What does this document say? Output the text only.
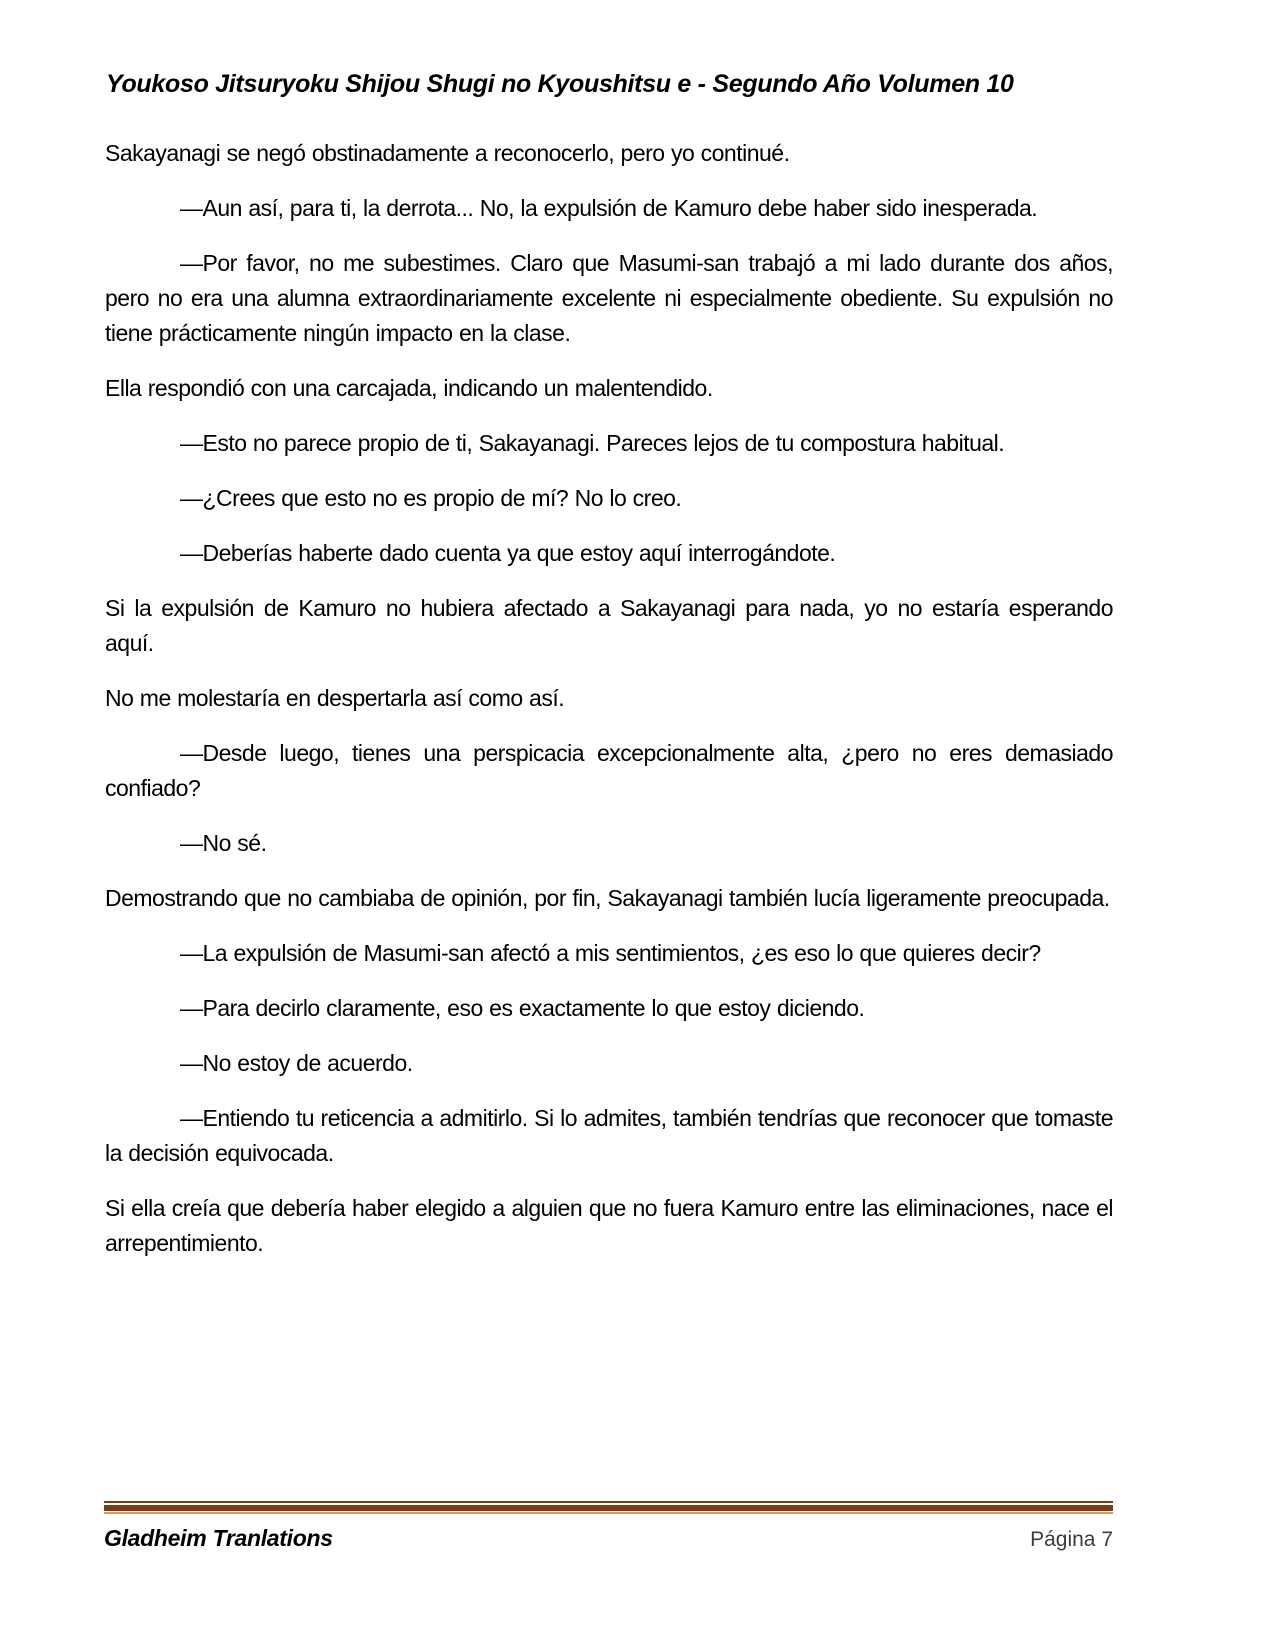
Youkoso Jitsuryoku Shijou Shugi no Kyoushitsu e - Segundo Año Volumen 10

Sakayanagi se negó obstinadamente a reconocerlo, pero yo continué.

—Aun así, para ti, la derrota... No, la expulsión de Kamuro debe haber sido inesperada.

—Por favor, no me subestimes. Claro que Masumi-san trabajó a mi lado durante dos años, pero no era una alumna extraordinariamente excelente ni especialmente obediente. Su expulsión no tiene prácticamente ningún impacto en la clase.

Ella respondió con una carcajada, indicando un malentendido.

—Esto no parece propio de ti, Sakayanagi. Pareces lejos de tu compostura habitual.

—¿Crees que esto no es propio de mí? No lo creo.

—Deberías haberte dado cuenta ya que estoy aquí interrogándote.

Si la expulsión de Kamuro no hubiera afectado a Sakayanagi para nada, yo no estaría esperando aquí.

No me molestaría en despertarla así como así.

—Desde luego, tienes una perspicacia excepcionalmente alta, ¿pero no eres demasiado confiado?

—No sé.

Demostrando que no cambiaba de opinión, por fin, Sakayanagi también lucía ligeramente preocupada.

—La expulsión de Masumi-san afectó a mis sentimientos, ¿es eso lo que quieres decir?

—Para decirlo claramente, eso es exactamente lo que estoy diciendo.

—No estoy de acuerdo.

—Entiendo tu reticencia a admitirlo. Si lo admites, también tendrías que reconocer que tomaste la decisión equivocada.

Si ella creía que debería haber elegido a alguien que no fuera Kamuro entre las eliminaciones, nace el arrepentimiento.

Gladheim Tranlations	Página 7
